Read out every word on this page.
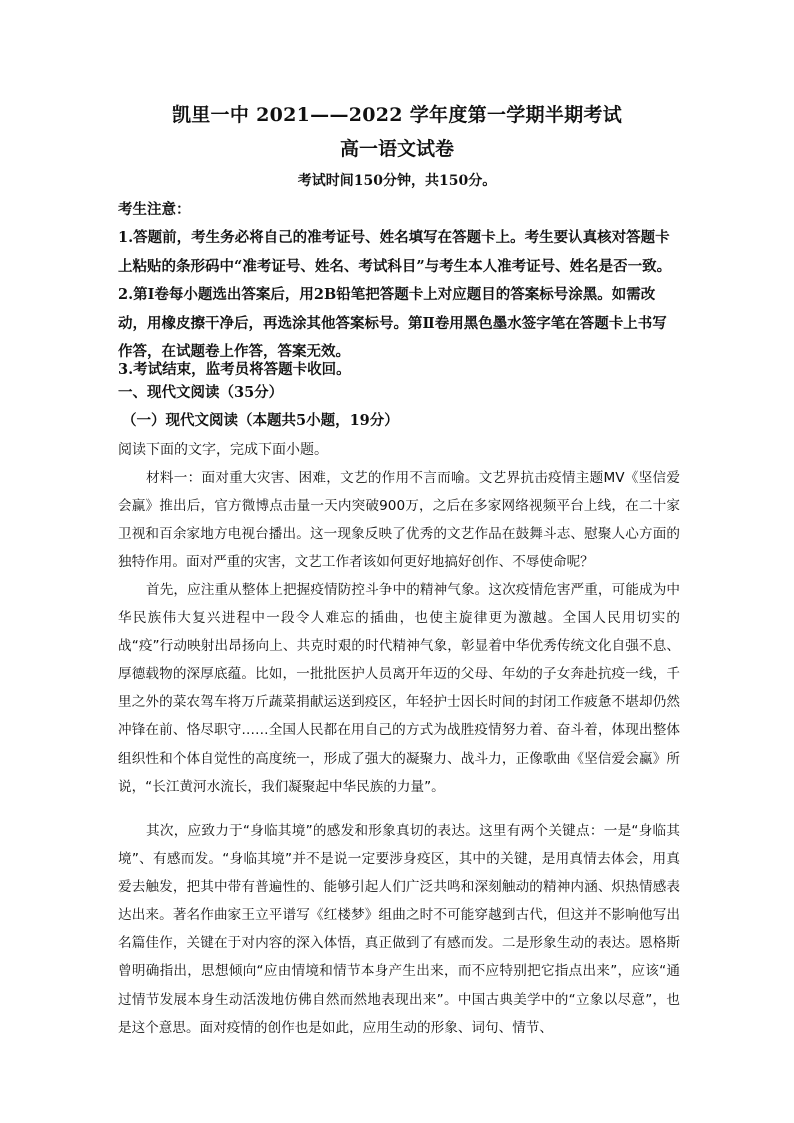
凯里一中 2021——2022 学年度第一学期半期考试
高一语文试卷
考试时间150分钟，共150分。

考生注意：

1.答题前，考生务必将自己的准考证号、姓名填写在答题卡上。考生要认真核对答题卡上粘贴的条形码中“准考证号、姓名、考试科目”与考生本人准考证号、姓名是否一致。

2.第Ⅰ卷每小题选出答案后，用2B铅笔把答题卡上对应题目的答案标号涂黑。如需改动，用橡皮擦干净后，再选涂其他答案标号。第Ⅱ卷用黑色墨水签字笔在答题卡上书写作答，在试题卷上作答，答案无效。

3.考试结束，监考员将答题卡收回。

一、现代文阅读（35分）

（一）现代文阅读（本题共5小题，19分）

阅读下面的文字，完成下面小题。

材料一：面对重大灾害、困难，文艺的作用不言而喻。文艺界抗击疫情主题MV《坚信爱会赢》推出后，官方微博点击量一天内突破900万，之后在多家网络视频平台上线，在二十家卫视和百余家地方电视台播出。这一现象反映了优秀的文艺作品在鼓舞斗志、慰聚人心方面的独特作用。面对严重的灾害，文艺工作者该如何更好地搞好创作、不辱使命呢？

首先，应注重从整体上把握疫情防控斗争中的精神气象。这次疫情危害严重，可能成为中华民族伟大复兴进程中一段令人难忘的插曲，也使主旋律更为激越。全国人民用切实的战“疫”行动映射出昂扬向上、共克时艰的时代精神气象，彰显着中华优秀传统文化自强不息、厚德载物的深厚底蕴。比如，一批批医护人员离开年迈的父母、年幼的子女奔赴抗疫一线，千里之外的菜农驾车将万斤蔬菜捐献运送到疫区，年轻护士因长时间的封闭工作疲惫不堪却仍然冲锋在前、恪尽职守……全国人民都在用自己的方式为战胜疫情努力着、奋斗着，体现出整体组织性和个体自觉性的高度统一，形成了强大的凝聚力、战斗力，正像歌曲《坚信爱会赢》所说，“长江黄河水流长，我们凝聚起中华民族的力量”。

其次，应致力于“身临其境”的感发和形象真切的表达。这里有两个关键点：一是“身临其境”、有感而发。“身临其境”并不是说一定要涉身疫区，其中的关键，是用真情去体会，用真爱去触发，把其中带有普遍性的、能够引起人们广泛共鸣和深刻触动的精神内涵、炽热情感表达出来。著名作曲家王立平谱写《红楼梦》组曲之时不可能穿越到古代，但这并不影响他写出名篇佳作，关键在于对内容的深入体悟，真正做到了有感而发。二是形象生动的表达。恩格斯曾明确指出，思想倾向“应由情境和情节本身产生出来，而不应特别把它指点出来”，应该“通过情节发展本身生动活泼地仿佛自然而然地表现出来”。中国古典美学中的“立象以尽意”，也是这个意思。面对疫情的创作也是如此，应用生动的形象、词句、情节、
